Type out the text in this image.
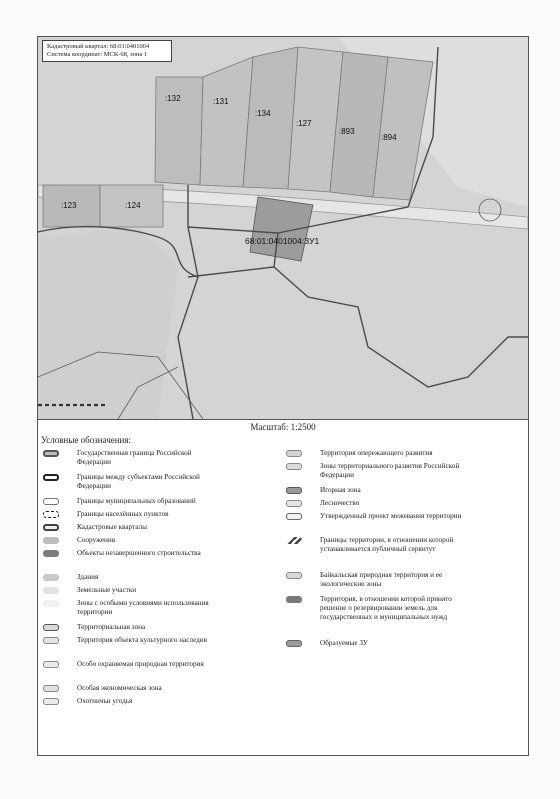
:132	:131
:134
:127
:893
:894
:123	:124
68:01:0401004:ЗУ1
Кадастровый квартал: 68:01:0401004
Система координат: МСК-68, зона 1
Масштаб: 1:2500
Условные обозначения:
Государственная граница Российской Федерации
Границы между субъектами Российской Федерации
Границы муниципальных образований
Границы населённых пунктов
Кадастровые кварталы
Сооружения
Объекты незавершенного строительства
Здания
Земельные участки
Зоны с особыми условиями использования территории
Территориальная зона
Территория объекта культурного наследия
Особо охраняемая природная территория
Особая экономическая зона
Охотничьи угодья
Территория опережающего развития
Зоны территориального развития Российской Федерации
Игорная зона
Лесничество
Утвержденный проект межевания территории
Границы территории, в отношении которой устанавливается публичный сервитут
Байкальская природная территория и ее экологические зоны
Территория, в отношении которой принято решение о резервировании земель для государственных и муниципальных нужд
Образуемые ЗУ
